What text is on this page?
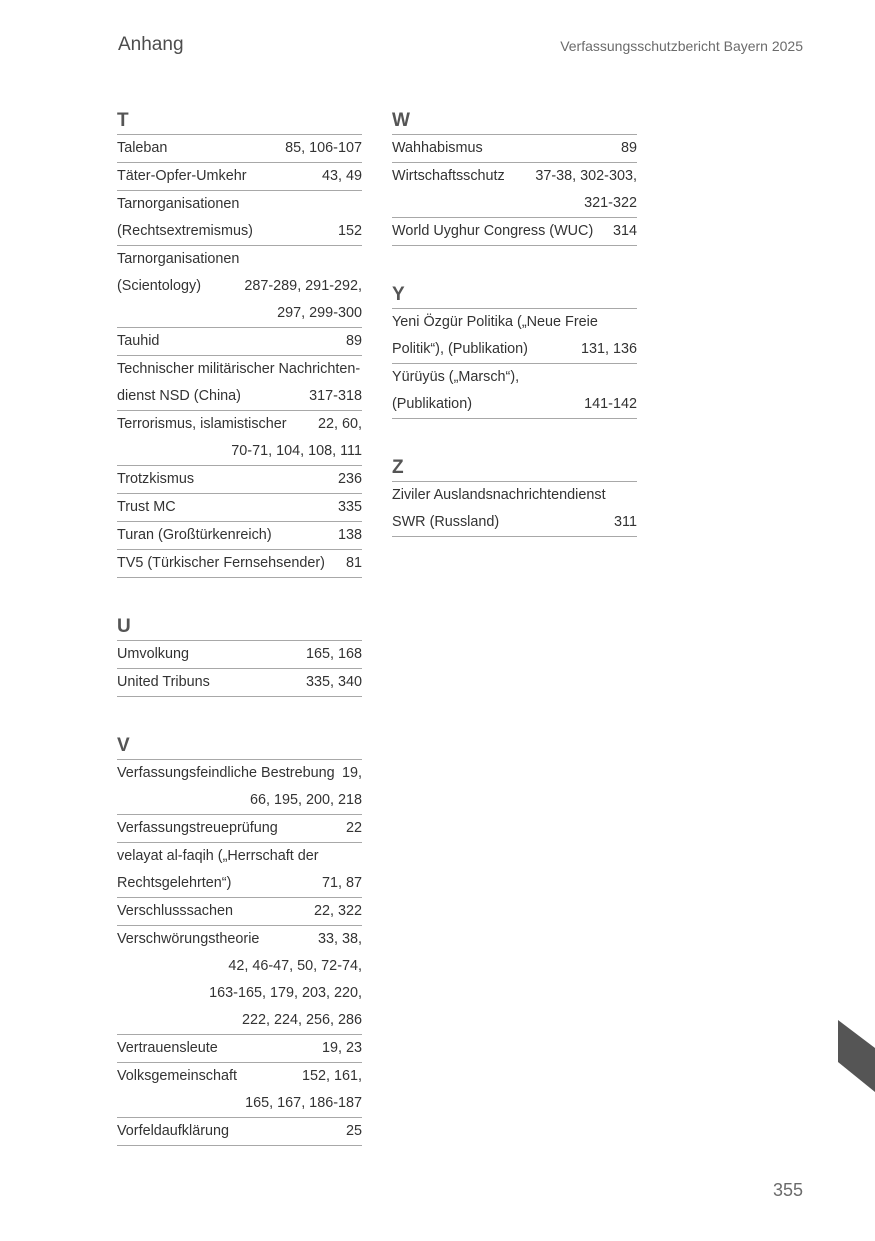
Anhang	Verfassungsschutzbericht Bayern 2025
T
Taleban	85, 106-107
Täter-Opfer-Umkehr	43, 49
Tarnorganisationen
(Rechtsextremismus)	152
Tarnorganisationen
(Scientology)	287-289, 291-292,
297, 299-300
Tauhid	89
Technischer militärischer Nachrichten-
dienst NSD (China)	317-318
Terrorismus, islamistischer 22, 60,
70-71, 104, 108, 111
Trotzkismus	236
Trust MC	335
Turan (Großtürkenreich)	138
TV5 (Türkischer Fernsehsender) 81
U
Umvolkung	165, 168
United Tribuns	335, 340
V
Verfassungsfeindliche Bestrebung 19,
66, 195, 200, 218
Verfassungstreueprüfung	22
velayat al-faqih („Herrschaft der
Rechtsgelehrten“)	71, 87
Verschlusssachen	22, 322
Verschwörungstheorie	33, 38,
42, 46-47, 50, 72-74,
163-165, 179, 203, 220,
222, 224, 256, 286
Vertrauensleute	19, 23
Volksgemeinschaft	152, 161,
165, 167, 186-187
Vorfeldaufklärung	25
W
Wahhabismus	89
Wirtschaftsschutz 37-38, 302-303,
321-322
World Uyghur Congress (WUC) 314
Y
Yeni Özgür Politika („Neue Freie
Politik“), (Publikation)	131, 136
Yürüyüs („Marsch“),
(Publikation)	141-142
Z
Ziviler Auslandsnachrichtendienst
SWR (Russland)	311
355
